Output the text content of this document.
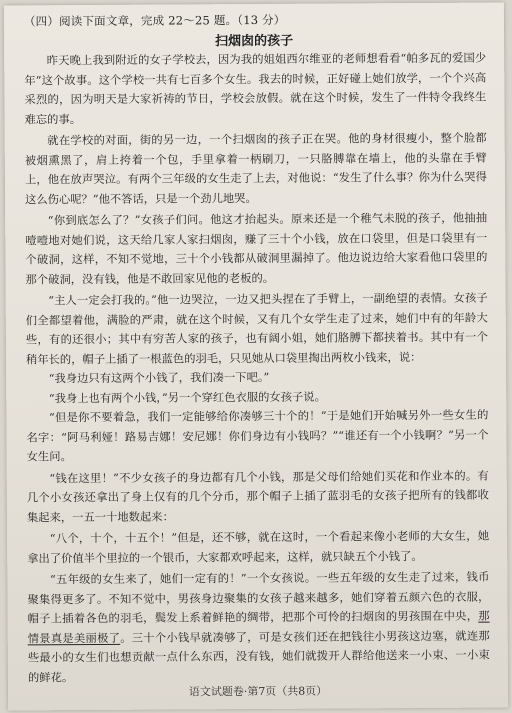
（四）阅读下面文章，完成 22～25 题。（13 分）
扫烟囱的孩子

昨天晚上我到附近的女子学校去，因为我的姐姐西尔维亚的老师想看看“帕多瓦的爱国少年”这个故事。这个学校一共有七百多个女生。我去的时候，正好碰上她们放学，一个个兴高采烈的，因为明天是大家祈祷的节日，学校会放假。就在这个时候，发生了一件特令我终生难忘的事。

就在学校的对面，街的另一边，一个扫烟囱的孩子正在哭。他的身材很瘦小，整个脸都被烟熏黑了，肩上挎着一个包，手里拿着一柄刷刀，一只胳膊靠在墙上，他的头靠在手臂上，他在放声哭泣。有两个三年级的女生走了上去，对他说：“发生了什么事？你为什么哭得这么伤心呢？”他不答话，只是一个劲儿地哭。

“你到底怎么了？”女孩子们问。他这才抬起头。原来还是一个稚气未脱的孩子，他抽抽噎噎地对她们说，这天给几家人家扫烟囱，赚了三十个小钱，放在口袋里，但是口袋里有一个破洞，这样，不知不觉地，三十个小钱都从破洞里漏掉了。他边说边给大家看他口袋里的那个破洞，没有钱，他是不敢回家见他的老板的。

“主人一定会打我的。”他一边哭泣，一边又把头捏在了手臂上，一副绝望的表情。女孩子们全都望着他，满脸的严肃，就在这个时候，又有几个女学生走了过来，她们中有的年龄大些，有的还很小；其中有穷苦人家的孩子，也有阔小姐，她们胳膊下都挟着书。其中有一个稍年长的，帽子上插了一根蓝色的羽毛，只见她从口袋里掏出两枚小钱来，说：

“我身边只有这两个小钱了，我们凑一下吧。”

“我身上也有两个小钱，”另一个穿红色衣服的女孩子说。

“但是你不要着急，我们一定能够给你凑够三十个的！”于是她们开始喊另外一些女生的名字：“阿马利娅！路易吉娜！安尼娜！你们身边有小钱吗？”“谁还有一个小钱啊？”另一个女生问。

“钱在这里！”不少女孩子的身边都有几个小钱，那是父母们给她们买花和作业本的。有几个小女孩还拿出了身上仅有的几个分币，那个帽子上插了蓝羽毛的女孩子把所有的钱都收集起来，一五一十地数起来：

“八个，十个，十五个！”但是，还不够，就在这时，一个看起来像小老师的大女生，她拿出了价值半个里拉的一个银币，大家都欢呼起来，这样，就只缺五个小钱了。

“五年级的女生来了，她们一定有的！”一个女孩说。一些五年级的女生走了过来，钱币聚集得更多了。不知不觉中，男孩身边聚集的女孩子越来越多，她们穿着五颜六色的衣服，帽子上插着各色的羽毛，鬓发上系着鲜艳的绸带，把那个可怜的扫烟囱的男孩围在中央，那情景真是美丽极了。三十个小钱早就凑够了，可是女孩们还在把钱往小男孩这边塞，就连那些最小的女生们也想贡献一点什么东西，没有钱，她们就拨开人群给他送来一小束、一小束的鲜花。

语文试题卷·第7页（共8页）
